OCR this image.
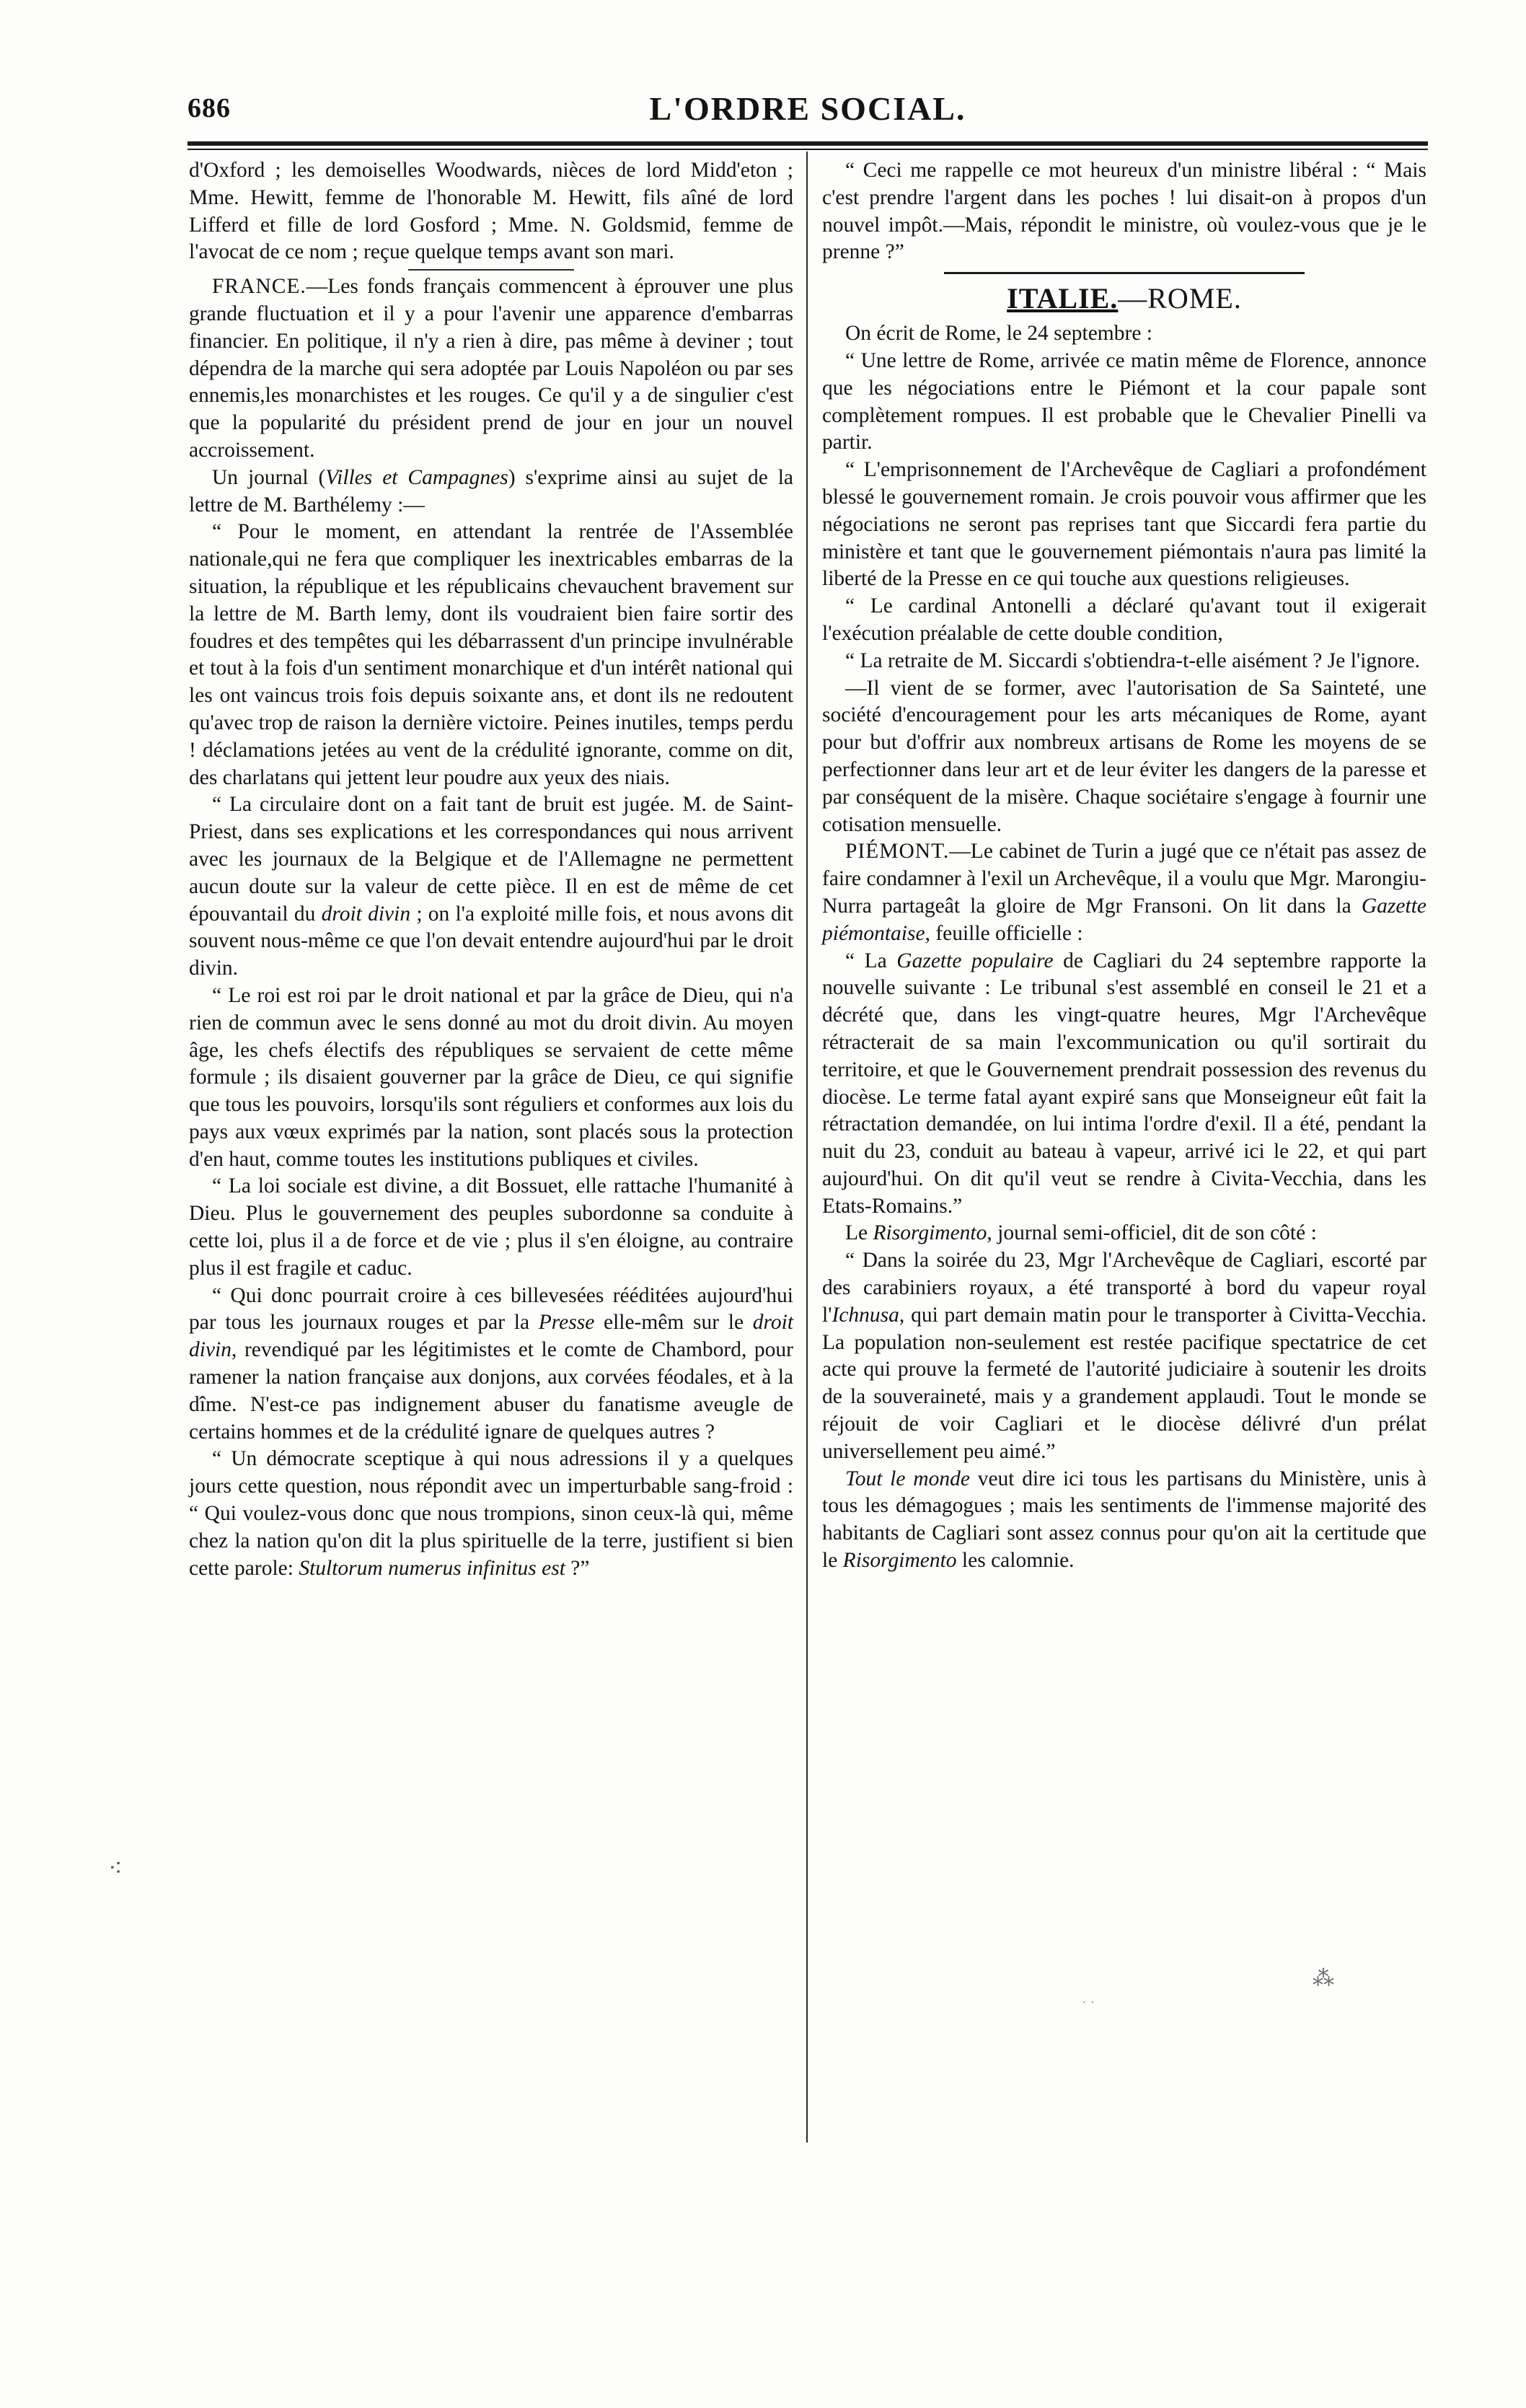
686	L'ORDRE SOCIAL.

d'Oxford ; les demoiselles Woodwards, nièces de lord Midd'eton ; Mme. Hewitt, femme de l'honorable M. Hewitt, fils aîné de lord Lifferd et fille de lord Gosford ; Mme. N. Goldsmid, femme de l'avocat de ce nom ; reçue quelque temps avant son mari.

FRANCE.—Les fonds français commencent à éprouver une plus grande fluctuation et il y a pour l'avenir une apparence d'embarras financier. En politique, il n'y a rien à dire, pas même à deviner ; tout dépendra de la marche qui sera adoptée par Louis Napoléon ou par ses ennemis,les monarchistes et les rouges. Ce qu'il y a de singulier c'est que la popularité du président prend de jour en jour un nouvel accroissement.

Un journal (Villes et Campagnes) s'exprime ainsi au sujet de la lettre de M. Barthélemy :—

“ Pour le moment, en attendant la rentrée de l'Assemblée nationale,qui ne fera que compliquer les inextricables embarras de la situation, la république et les républicains chevauchent bravement sur la lettre de M. Barth lemy, dont ils voudraient bien faire sortir des foudres et des tempêtes qui les débarrassent d'un principe invulnérable et tout à la fois d'un sentiment monarchique et d'un intérêt national qui les ont vaincus trois fois depuis soixante ans, et dont ils ne redoutent qu'avec trop de raison la dernière victoire. Peines inutiles, temps perdu ! déclamations jetées au vent de la crédulité ignorante, comme on dit, des charlatans qui jettent leur poudre aux yeux des niais.

“ La circulaire dont on a fait tant de bruit est jugée. M. de Saint-Priest, dans ses explications et les correspondances qui nous arrivent avec les journaux de la Belgique et de l'Allemagne ne permettent aucun doute sur la valeur de cette pièce. Il en est de même de cet épouvantail du droit divin ; on l'a exploité mille fois, et nous avons dit souvent nous-même ce que l'on devait entendre aujourd'hui par le droit divin.

“ Le roi est roi par le droit national et par la grâce de Dieu, qui n'a rien de commun avec le sens donné au mot du droit divin. Au moyen âge, les chefs électifs des républiques se servaient de cette même formule ; ils disaient gouverner par la grâce de Dieu, ce qui signifie que tous les pouvoirs, lorsqu'ils sont réguliers et conformes aux lois du pays aux vœux exprimés par la nation, sont placés sous la protection d'en haut, comme toutes les institutions publiques et civiles.

“ La loi sociale est divine, a dit Bossuet, elle rattache l'humanité à Dieu. Plus le gouvernement des peuples subordonne sa conduite à cette loi, plus il a de force et de vie ; plus il s'en éloigne, au contraire plus il est fragile et caduc.

“ Qui donc pourrait croire à ces billevesées rééditées aujourd'hui par tous les journaux rouges et par la Presse elle-mêm sur le droit divin, revendiqué par les légitimistes et le comte de Chambord, pour ramener la nation française aux donjons, aux corvées féodales, et à la dîme. N'est-ce pas indignement abuser du fanatisme aveugle de certains hommes et de la crédulité ignare de quelques autres ?

“ Un démocrate sceptique à qui nous adressions il y a quelques jours cette question, nous répondit avec un imperturbable sang-froid : “ Qui voulez-vous donc que nous trompions, sinon ceux-là qui, même chez la nation qu'on dit la plus spirituelle de la terre, justifient si bien cette parole: Stultorum numerus infinitus est ?”

“ Ceci me rappelle ce mot heureux d'un ministre libéral : “ Mais c'est prendre l'argent dans les poches ! lui disait-on à propos d'un nouvel impôt.—Mais, répondit le ministre, où voulez-vous que je le prenne ?”

ITALIE.—ROME.

On écrit de Rome, le 24 septembre :

“ Une lettre de Rome, arrivée ce matin même de Florence, annonce que les négociations entre le Piémont et la cour papale sont complètement rompues. Il est probable que le Chevalier Pinelli va partir.

“ L'emprisonnement de l'Archevêque de Cagliari a profondément blessé le gouvernement romain. Je crois pouvoir vous affirmer que les négociations ne seront pas reprises tant que Siccardi fera partie du ministère et tant que le gouvernement piémontais n'aura pas limité la liberté de la Presse en ce qui touche aux questions religieuses.

“ Le cardinal Antonelli a déclaré qu'avant tout il exigerait l'exécution préalable de cette double condition,

“ La retraite de M. Siccardi s'obtiendra-t-elle aisément ? Je l'ignore.

—Il vient de se former, avec l'autorisation de Sa Sainteté, une société d'encouragement pour les arts mécaniques de Rome, ayant pour but d'offrir aux nombreux artisans de Rome les moyens de se perfectionner dans leur art et de leur éviter les dangers de la paresse et par conséquent de la misère. Chaque sociétaire s'engage à fournir une cotisation mensuelle.

PIÉMONT.—Le cabinet de Turin a jugé que ce n'était pas assez de faire condamner à l'exil un Archevêque, il a voulu que Mgr. Marongiu-Nurra partageât la gloire de Mgr Fransoni. On lit dans la Gazette piémontaise, feuille officielle :

“ La Gazette populaire de Cagliari du 24 septembre rapporte la nouvelle suivante : Le tribunal s'est assemblé en conseil le 21 et a décrété que, dans les vingt-quatre heures, Mgr l'Archevêque rétracterait de sa main l'excommunication ou qu'il sortirait du territoire, et que le Gouvernement prendrait possession des revenus du diocèse. Le terme fatal ayant expiré sans que Monseigneur eût fait la rétractation demandée, on lui intima l'ordre d'exil. Il a été, pendant la nuit du 23, conduit au bateau à vapeur, arrivé ici le 22, et qui part aujourd'hui. On dit qu'il veut se rendre à Civita-Vecchia, dans les Etats-Romains.”

Le Risorgimento, journal semi-officiel, dit de son côté :

“ Dans la soirée du 23, Mgr l'Archevêque de Cagliari, escorté par des carabiniers royaux, a été transporté à bord du vapeur royal l'Ichnusa, qui part demain matin pour le transporter à Civitta-Vecchia. La population non-seulement est restée pacifique spectatrice de cet acte qui prouve la fermeté de l'autorité judiciaire à soutenir les droits de la souveraineté, mais y a grandement applaudi. Tout le monde se réjouit de voir Cagliari et le diocèse délivré d'un prélat universellement peu aimé.”

Tout le monde veut dire ici tous les partisans du Ministère, unis à tous les démagogues ; mais les sentiments de l'immense majorité des habitants de Cagliari sont assez connus pour qu'on ait la certitude que le Risorgimento les calomnie.

⁖
⁂
· ·
